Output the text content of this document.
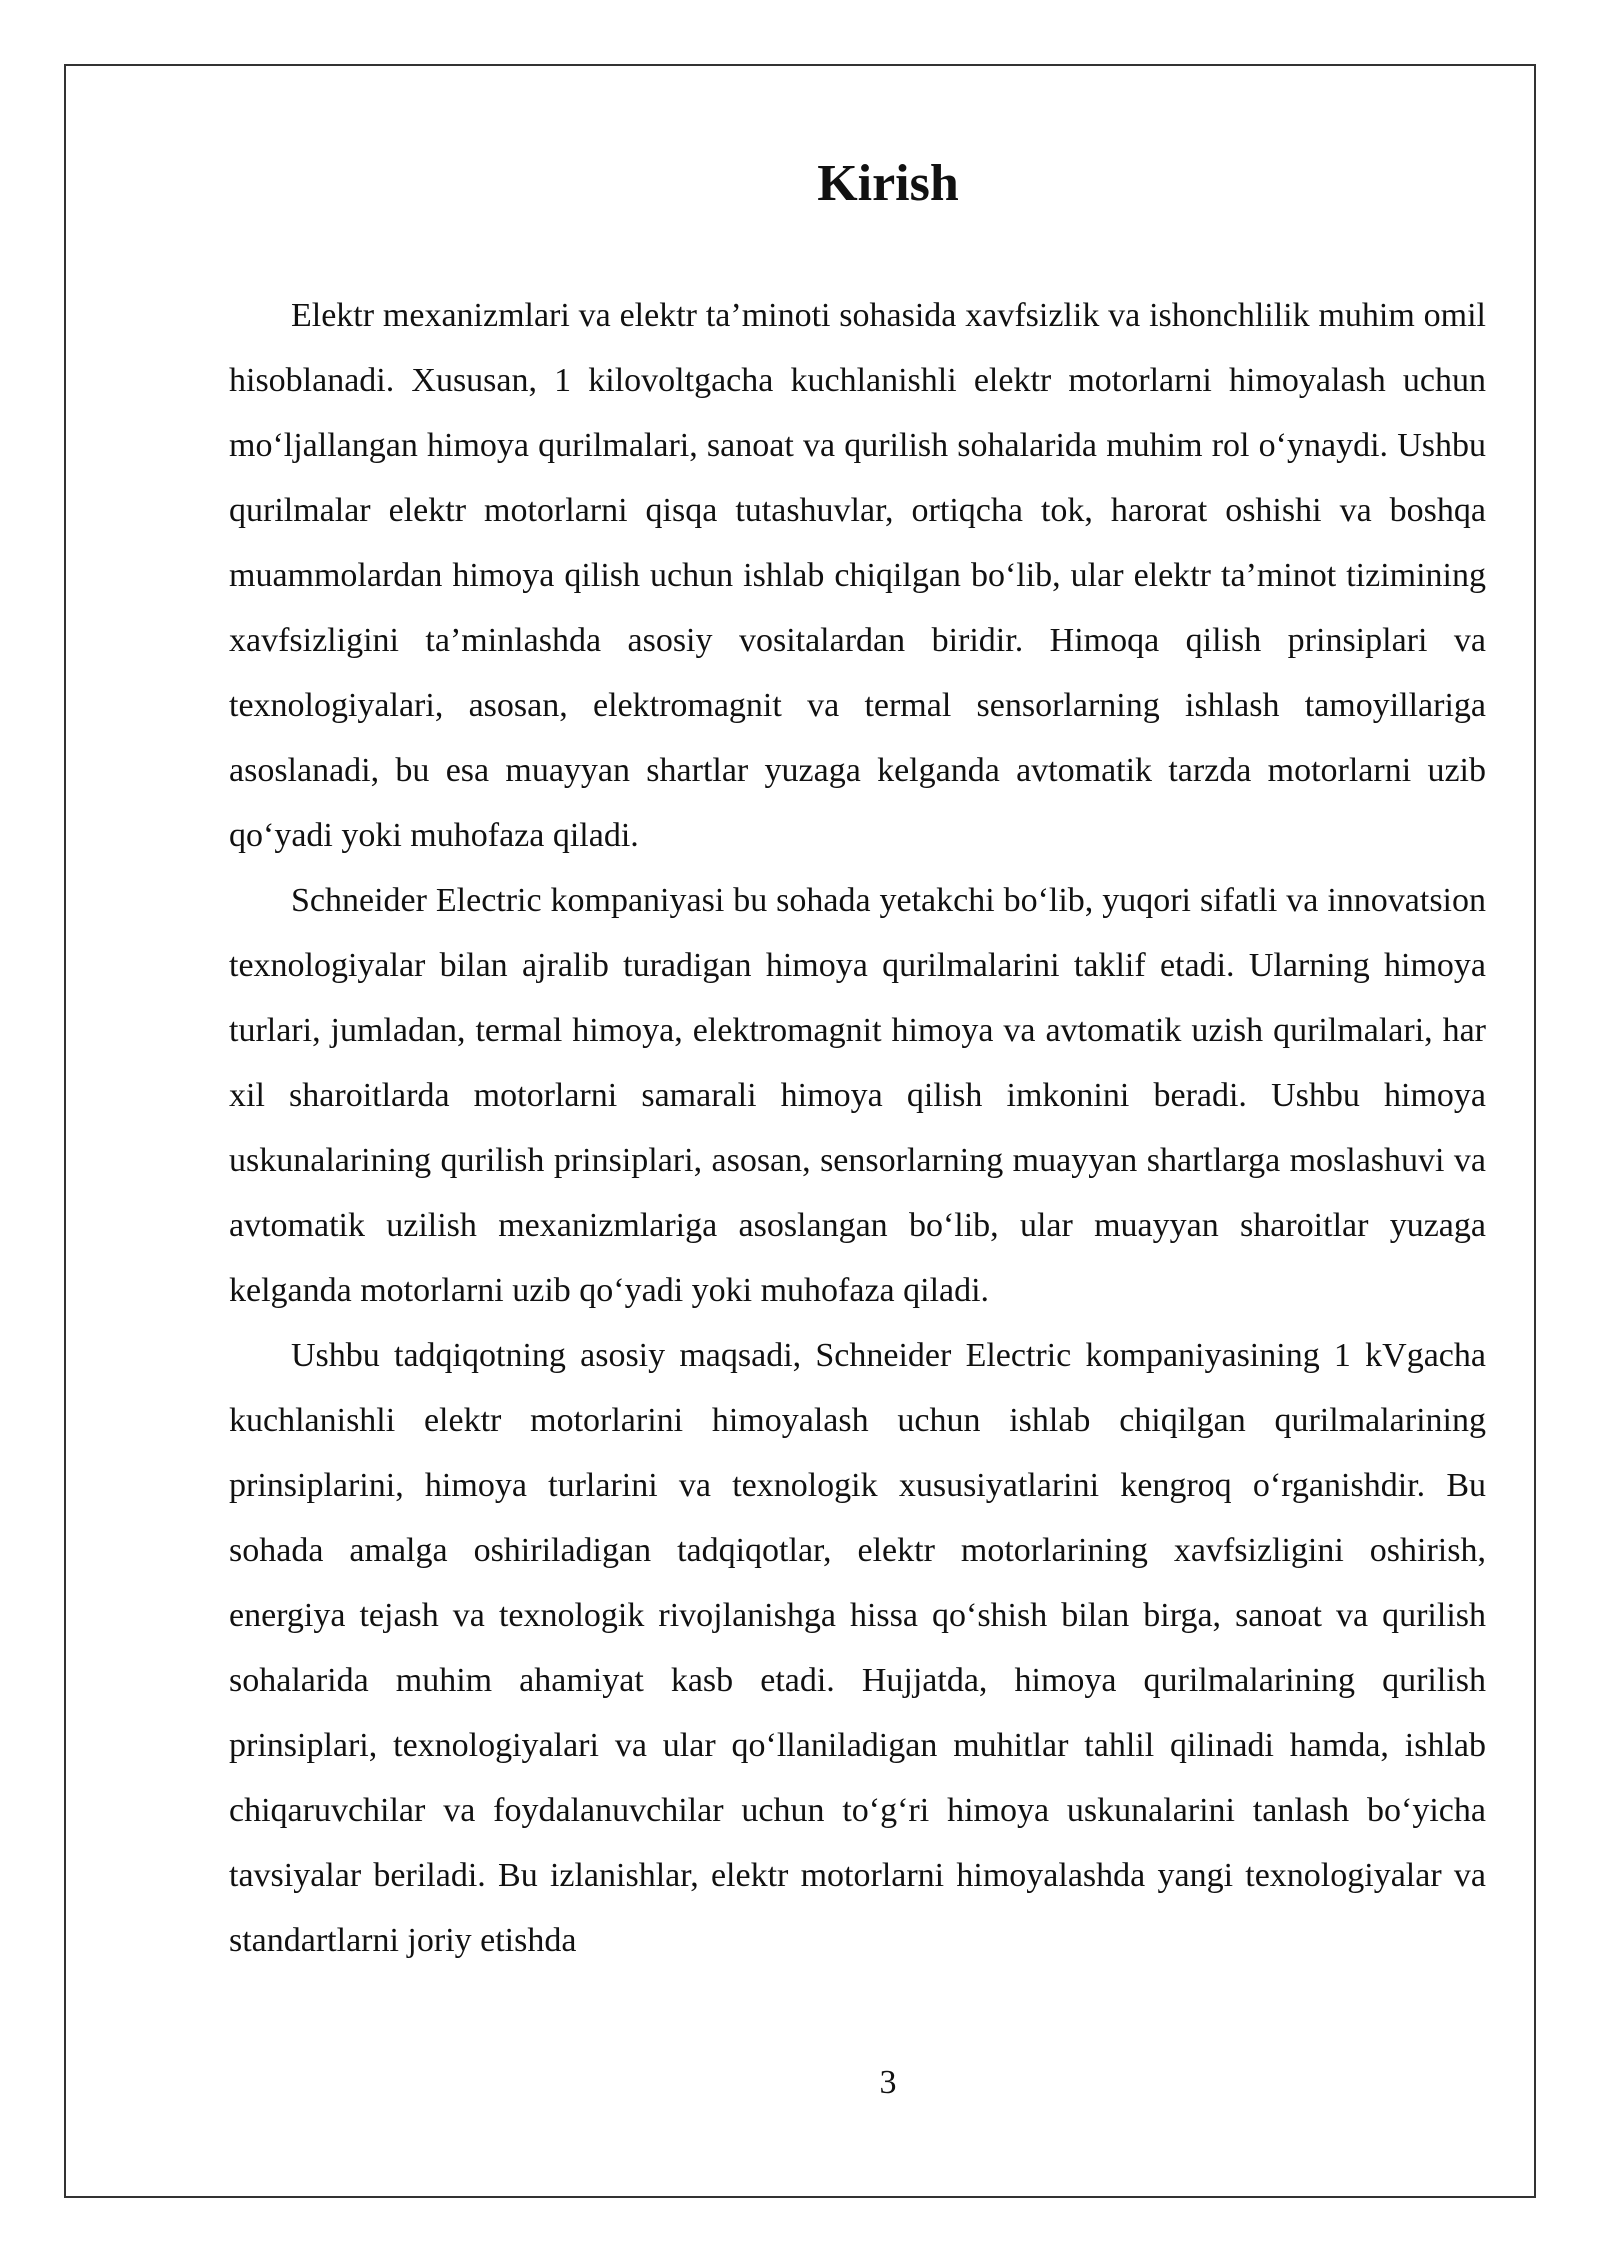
Kirish

Elektr mexanizmlari va elektr ta’minoti sohasida xavfsizlik va ishonchlilik muhim omil hisoblanadi. Xususan, 1 kilovoltgacha kuchlanishli elektr motorlarni himoyalash uchun mo‘ljallangan himoya qurilmalari, sanoat va qurilish sohalarida muhim rol o‘ynaydi. Ushbu qurilmalar elektr motorlarni qisqa tutashuvlar, ortiqcha tok, harorat oshishi va boshqa muammolardan himoya qilish uchun ishlab chiqilgan bo‘lib, ular elektr ta’minot tizimining xavfsizligini ta’minlashda asosiy vositalardan biridir. Himoqa qilish prinsiplari va texnologiyalari, asosan, elektromagnit va termal sensorlarning ishlash tamoyillariga asoslanadi, bu esa muayyan shartlar yuzaga kelganda avtomatik tarzda motorlarni uzib qo‘yadi yoki muhofaza qiladi.

Schneider Electric kompaniyasi bu sohada yetakchi bo‘lib, yuqori sifatli va innovatsion texnologiyalar bilan ajralib turadigan himoya qurilmalarini taklif etadi. Ularning himoya turlari, jumladan, termal himoya, elektromagnit himoya va avtomatik uzish qurilmalari, har xil sharoitlarda motorlarni samarali himoya qilish imkonini beradi. Ushbu himoya uskunalarining qurilish prinsiplari, asosan, sensorlarning muayyan shartlarga moslashuvi va avtomatik uzilish mexanizmlariga asoslangan bo‘lib, ular muayyan sharoitlar yuzaga kelganda motorlarni uzib qo‘yadi yoki muhofaza qiladi.

Ushbu tadqiqotning asosiy maqsadi, Schneider Electric kompaniyasining 1 kVgacha kuchlanishli elektr motorlarini himoyalash uchun ishlab chiqilgan qurilmalarining prinsiplarini, himoya turlarini va texnologik xususiyatlarini kengroq o‘rganishdir. Bu sohada amalga oshiriladigan tadqiqotlar, elektr motorlarining xavfsizligini oshirish, energiya tejash va texnologik rivojlanishga hissa qo‘shish bilan birga, sanoat va qurilish sohalarida muhim ahamiyat kasb etadi. Hujjatda, himoya qurilmalarining qurilish prinsiplari, texnologiyalari va ular qo‘llaniladigan muhitlar tahlil qilinadi hamda, ishlab chiqaruvchilar va foydalanuvchilar uchun to‘g‘ri himoya uskunalarini tanlash bo‘yicha tavsiyalar beriladi. Bu izlanishlar, elektr motorlarni himoyalashda yangi texnologiyalar va standartlarni joriy etishda

3
